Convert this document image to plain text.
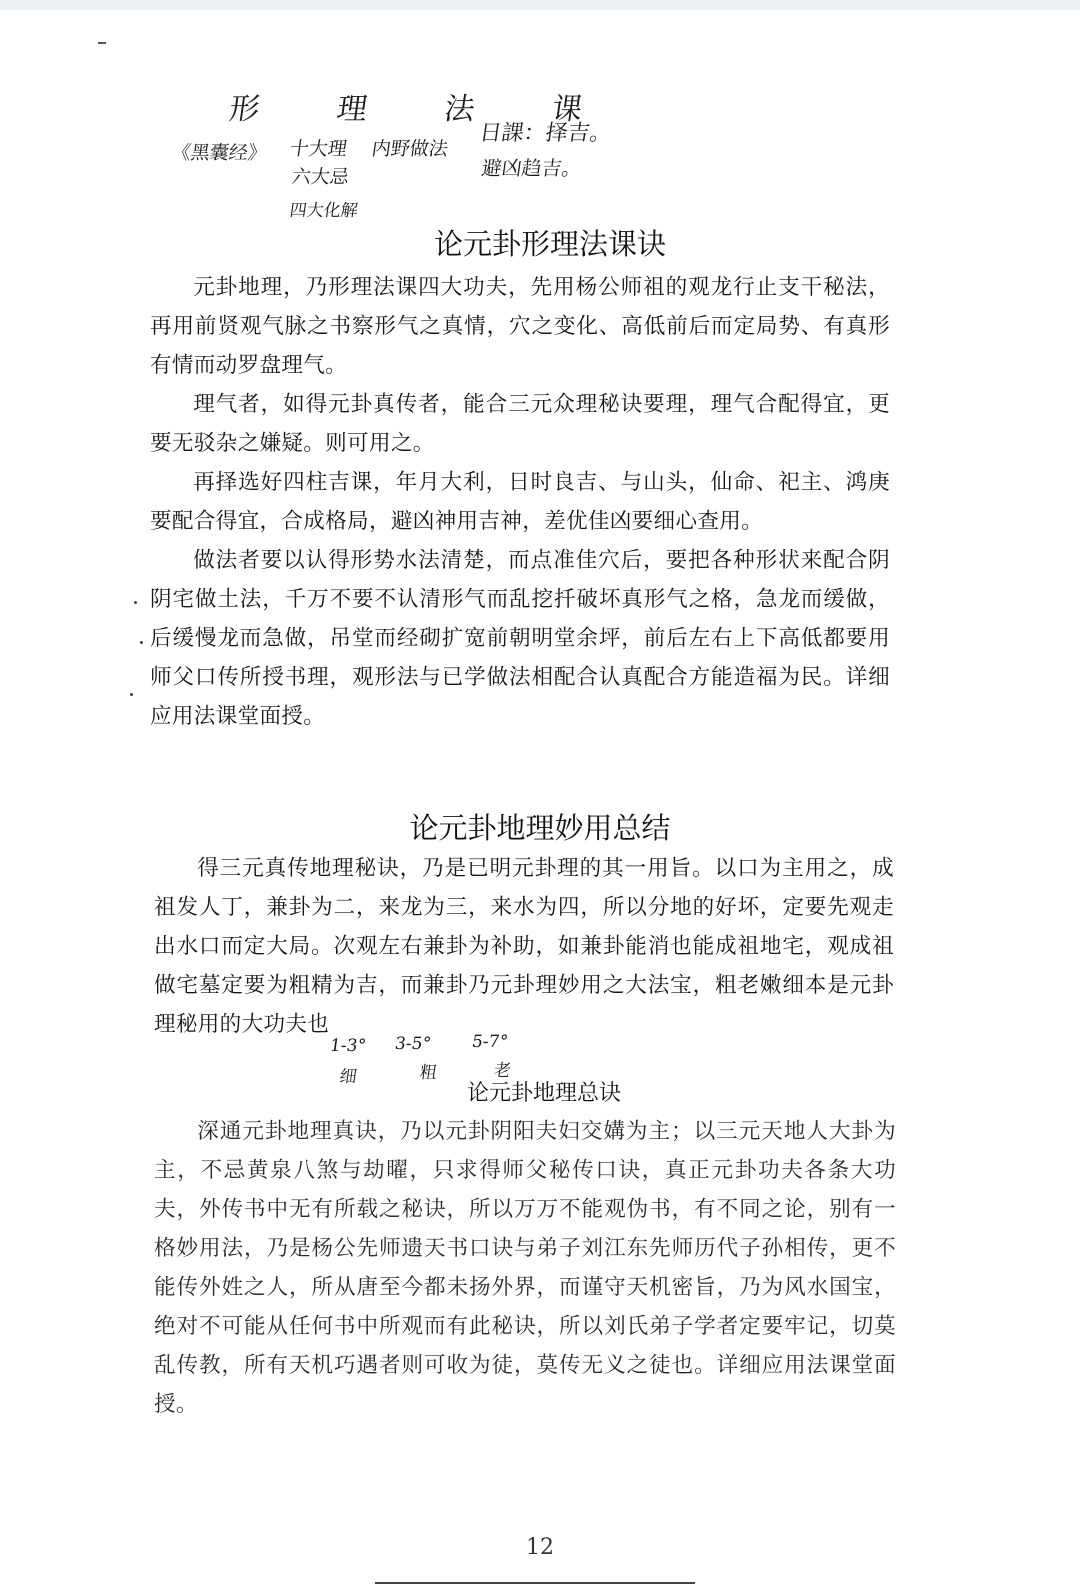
形 理 法 课
《黑囊经》 十大理
六大忌
四大化解
内野做法
日課：择吉。
避凶趋吉。
论元卦形理法课诀
元卦地理，乃形理法课四大功夫，先用杨公师祖的观龙行止支干秘法，再用前贤观气脉之书察形气之真情，穴之变化、高低前后而定局势、有真形有情而动罗盘理气。
理气者，如得元卦真传者，能合三元众理秘诀要理，理气合配得宜，更要无驳杂之嫌疑。则可用之。
再择选好四柱吉课，年月大利，日时良吉、与山头，仙命、祀主、鸿庚要配合得宜，合成格局，避凶神用吉神，差优佳凶要细心查用。
做法者要以认得形势水法清楚，而点准佳穴后，要把各种形状来配合阴阴宅做土法，千万不要不认清形气而乱挖扦破坏真形气之格，急龙而缓做，后缓慢龙而急做，吊堂而经砌扩宽前朝明堂余坪，前后左右上下高低都要用师父口传所授书理，观形法与已学做法相配合认真配合方能造福为民。详细应用法课堂面授。
论元卦地理妙用总结
得三元真传地理秘诀，乃是已明元卦理的其一用旨。以口为主用之，成祖发人丁，兼卦为二，来龙为三，来水为四，所以分地的好坏，定要先观走出水口而定大局。次观左右兼卦为补助，如兼卦能消也能成祖地宅，观成祖做宅墓定要为粗精为吉，而兼卦乃元卦理妙用之大法宝，粗老嫩细本是元卦理秘用的大功夫也
1-3° 3-5° 5-7°
细	粗	老
论元卦地理总诀
深通元卦地理真诀，乃以元卦阴阳夫妇交媾为主；以三元天地人大卦为主，不忌黄泉八煞与劫曜，只求得师父秘传口诀，真正元卦功夫各条大功夫，外传书中无有所载之秘诀，所以万万不能观伪书，有不同之论，别有一格妙用法，乃是杨公先师遗天书口诀与弟子刘江东先师历代子孙相传，更不能传外姓之人，所从唐至今都未扬外界，而谨守天机密旨，乃为风水国宝，绝对不可能从任何书中所观而有此秘诀，所以刘氏弟子学者定要牢记，切莫乱传教，所有天机巧遇者则可收为徒，莫传无义之徒也。详细应用法课堂面授。
12
